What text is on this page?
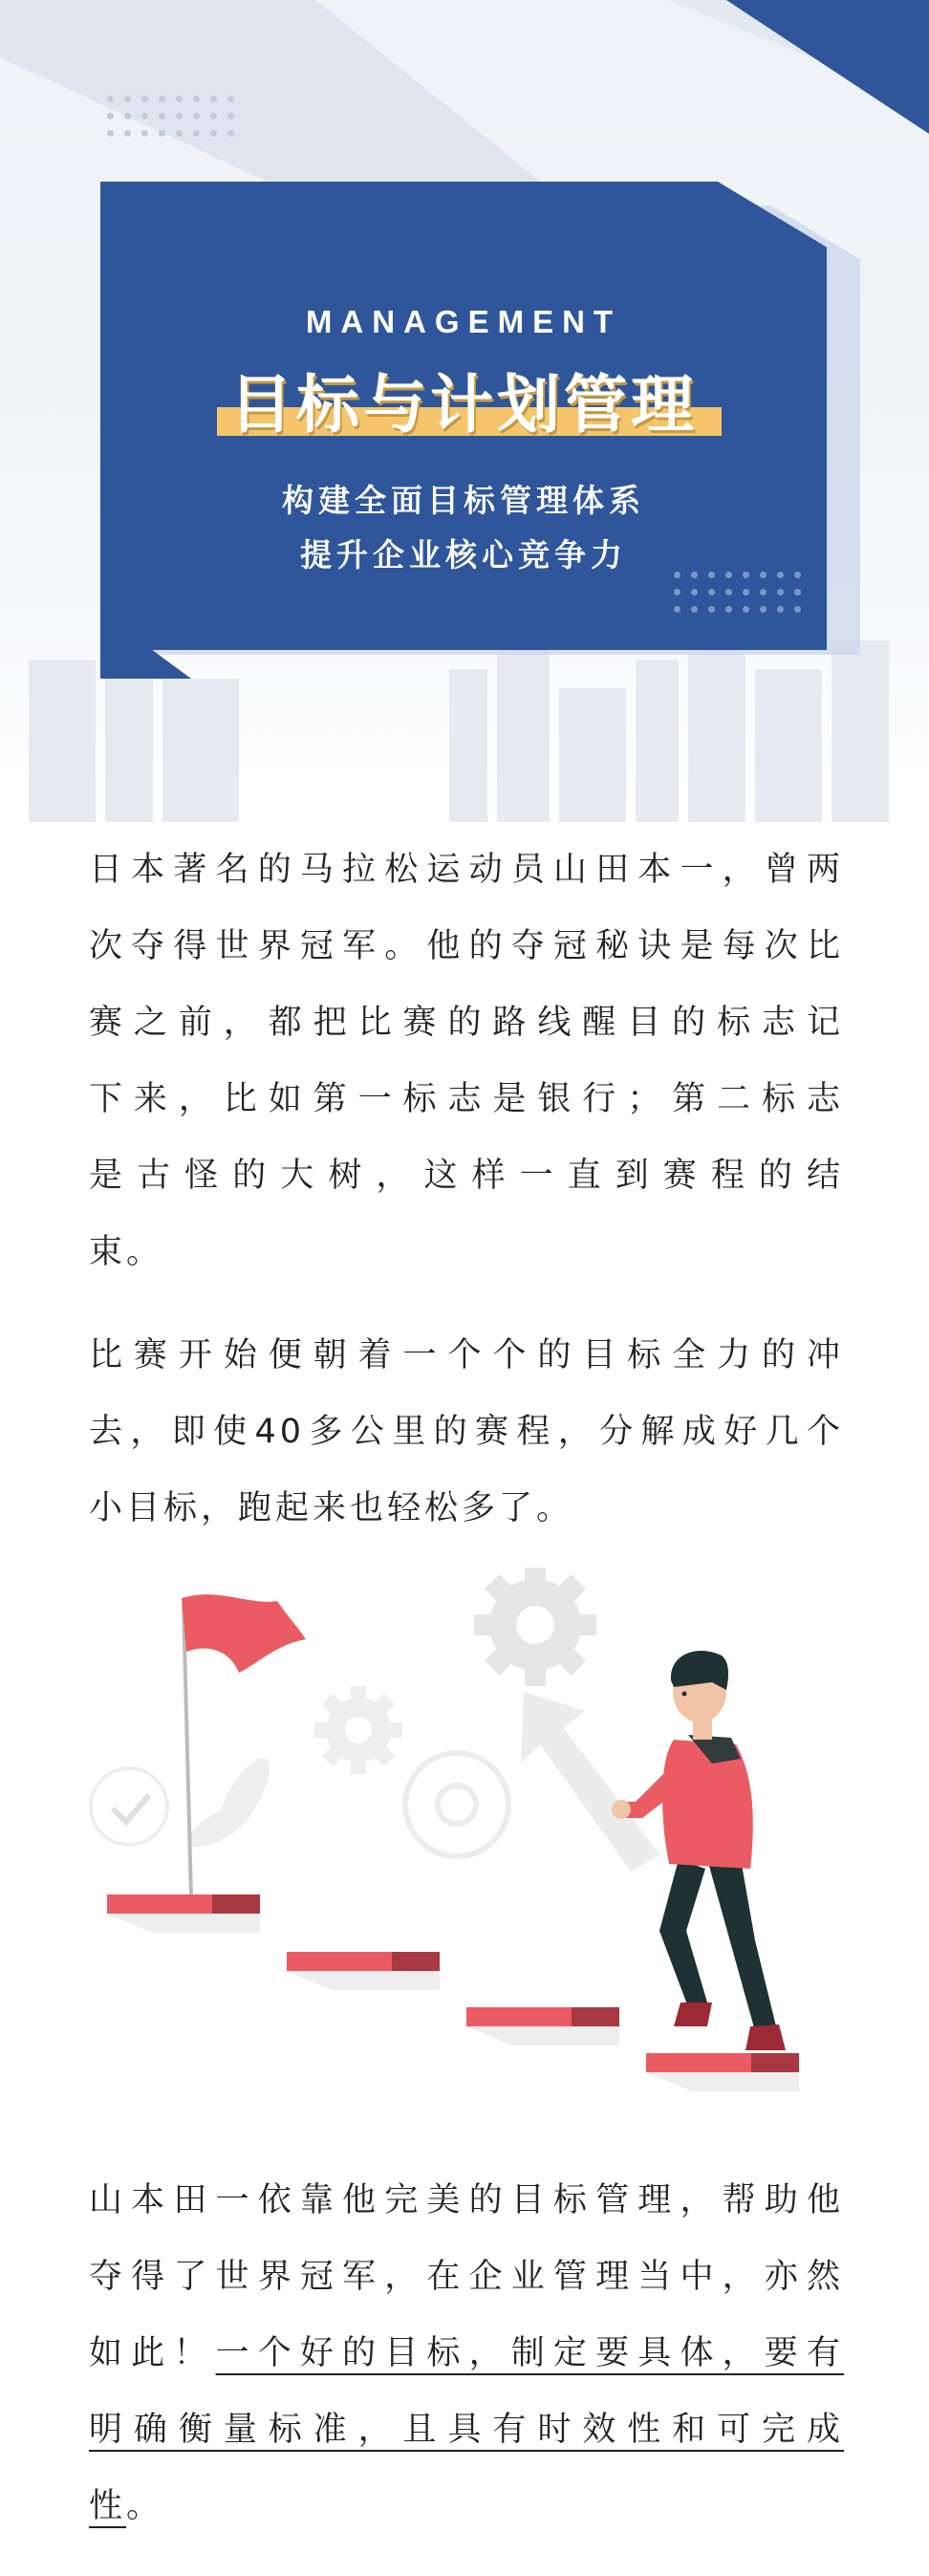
MANAGEMENT
目标与计划管理
构建全面目标管理体系
提升企业核心竞争力
日本著名的马拉松运动员山田本一，曾两
次夺得世界冠军。他的夺冠秘诀是每次比
赛之前，都把比赛的路线醒目的标志记
下来，比如第一标志是银行；第二标志
是古怪的大树，这样一直到赛程的结
束。
比赛开始便朝着一个个的目标全力的冲
去，即使40多公里的赛程，分解成好几个
小目标，跑起来也轻松多了。
山本田一依靠他完美的目标管理，帮助他
夺得了世界冠军，在企业管理当中，亦然
如此！一个好的目标，制定要具体，要有
明确衡量标准，且具有时效性和可完成
性。
